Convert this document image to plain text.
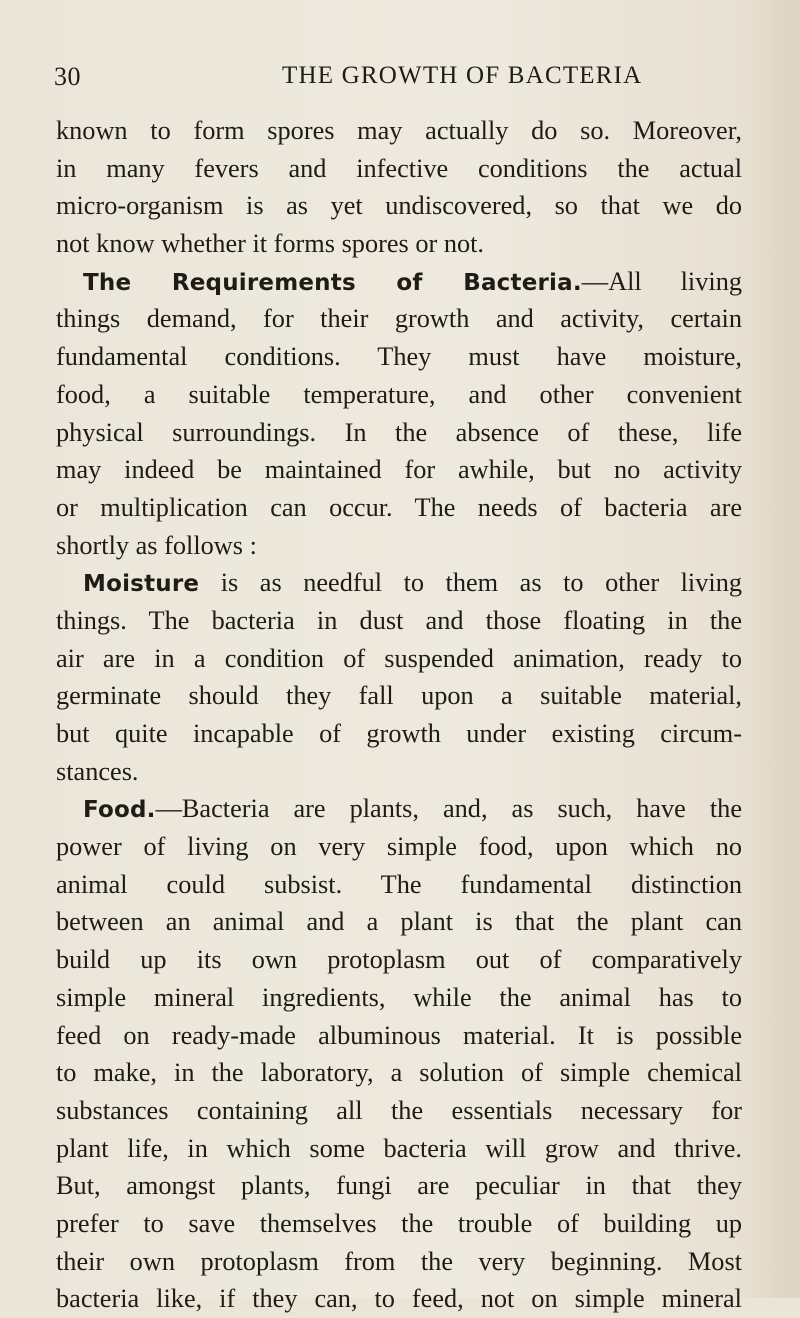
30	THE GROWTH OF BACTERIA
known to form spores may actually do so. Moreover,
in many fevers and infective conditions the actual
micro-organism is as yet undiscovered, so that we do
not know whether it forms spores or not.
The Requirements of Bacteria.—All living
things demand, for their growth and activity, certain
fundamental conditions. They must have moisture,
food, a suitable temperature, and other convenient
physical surroundings. In the absence of these, life
may indeed be maintained for awhile, but no activity
or multiplication can occur. The needs of bacteria are
shortly as follows :
Moisture is as needful to them as to other living
things. The bacteria in dust and those floating in the
air are in a condition of suspended animation, ready to
germinate should they fall upon a suitable material,
but quite incapable of growth under existing circum-
stances.
Food.—Bacteria are plants, and, as such, have the
power of living on very simple food, upon which no
animal could subsist. The fundamental distinction
between an animal and a plant is that the plant can
build up its own protoplasm out of comparatively
simple mineral ingredients, while the animal has to
feed on ready-made albuminous material. It is possible
to make, in the laboratory, a solution of simple chemical
substances containing all the essentials necessary for
plant life, in which some bacteria will grow and thrive.
But, amongst plants, fungi are peculiar in that they
prefer to save themselves the trouble of building up
their own protoplasm from the very beginning. Most
bacteria like, if they can, to feed, not on simple mineral
